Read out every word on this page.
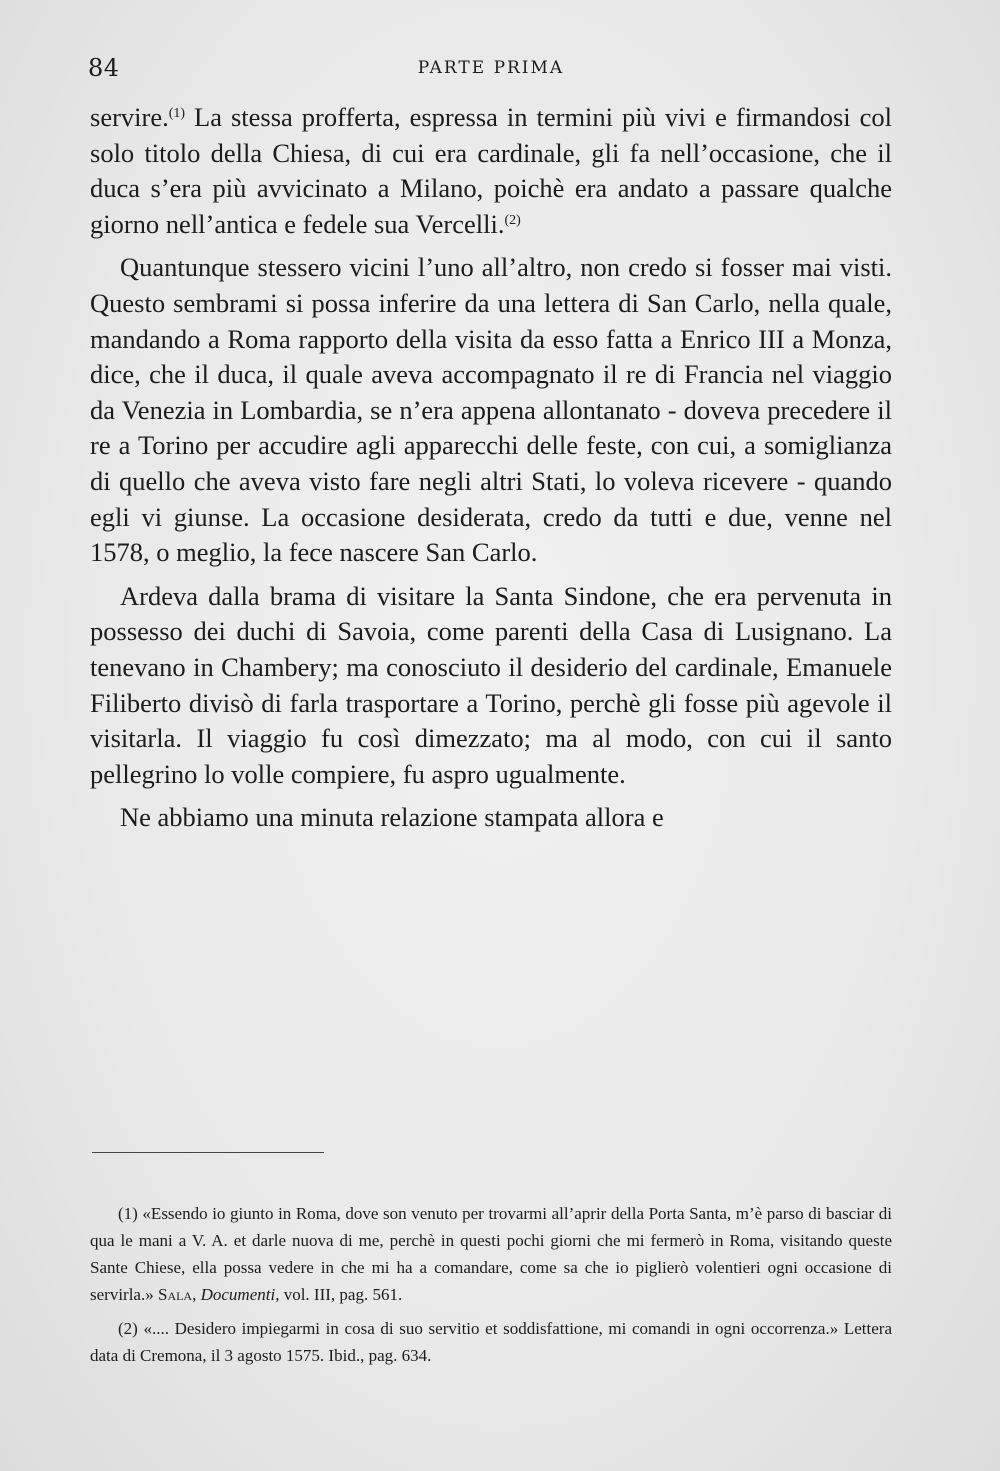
84	PARTE PRIMA

servire.$^{(1)}$ La stessa profferta, espressa in termini più vivi e firmandosi col solo titolo della Chiesa, di cui era cardinale, gli fa nell’occasione, che il duca s’era più avvicinato a Milano, poichè era andato a passare qualche giorno nell’antica e fedele sua Vercelli.$^{(2)}$

Quantunque stessero vicini l’uno all’altro, non credo si fosser mai visti. Questo sembrami si possa inferire da una lettera di San Carlo, nella quale, mandando a Roma rapporto della visita da esso fatta a Enrico III a Monza, dice, che il duca, il quale aveva accompagnato il re di Francia nel viaggio da Venezia in Lombardia, se n’era appena allontanato - doveva precedere il re a Torino per accudire agli apparecchi delle feste, con cui, a somiglianza di quello che aveva visto fare negli altri Stati, lo voleva ricevere - quando egli vi giunse. La occasione desiderata, credo da tutti e due, venne nel 1578, o meglio, la fece nascere San Carlo.

Ardeva dalla brama di visitare la Santa Sindone, che era pervenuta in possesso dei duchi di Savoia, come parenti della Casa di Lusignano. La tenevano in Chambery; ma conosciuto il desiderio del cardinale, Emanuele Filiberto divisò di farla trasportare a Torino, perchè gli fosse più agevole il visitarla. Il viaggio fu così dimezzato; ma al modo, con cui il santo pellegrino lo volle compiere, fu aspro ugualmente.

Ne abbiamo una minuta relazione stampata allora e

(1) «Essendo io giunto in Roma, dove son venuto per trovarmi all’aprir della Porta Santa, m’è parso di basciar di qua le mani a V. A. et darle nuova di me, perchè in questi pochi giorni che mi fermerò in Roma, visitando queste Sante Chiese, ella possa vedere in che mi ha a comandare, come sa che io piglierò volentieri ogni occasione di servirla.» Sala, Documenti, vol. III, pag. 561.

(2) «.... Desidero impiegarmi in cosa di suo servitio et soddisfattione, mi comandi in ogni occorrenza.» Lettera data di Cremona, il 3 agosto 1575. Ibid., pag. 634.
